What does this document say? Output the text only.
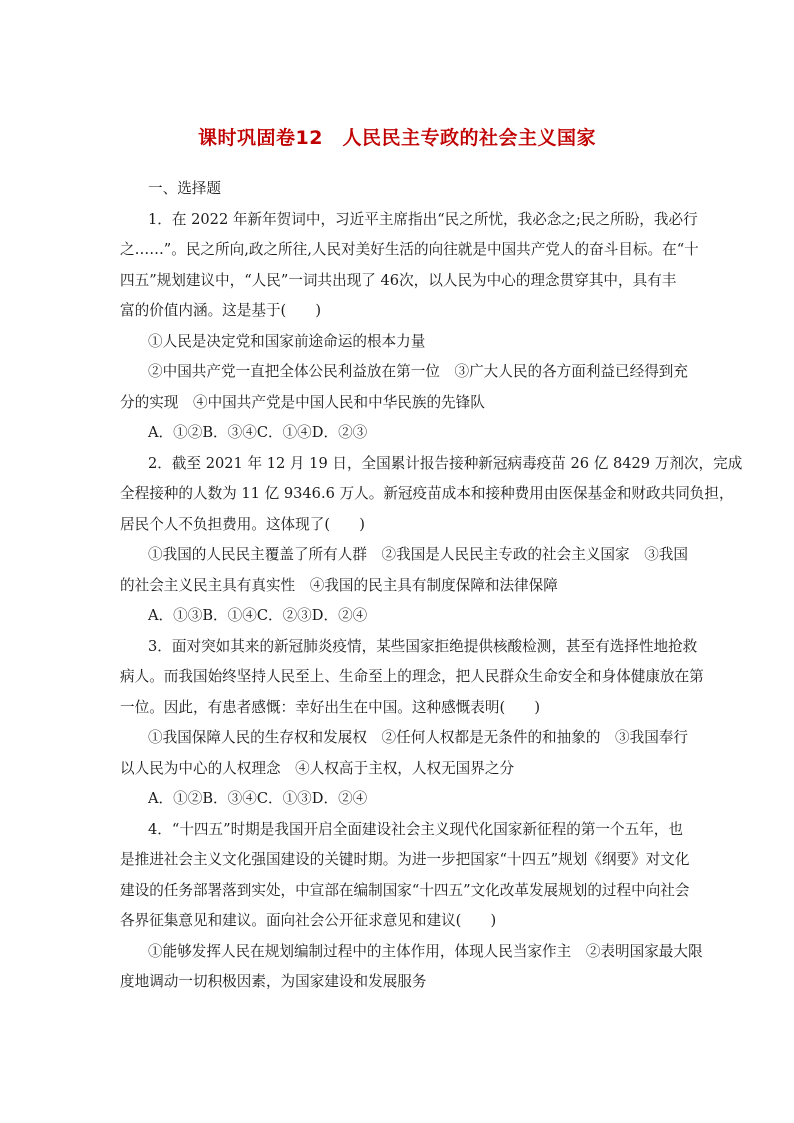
课时巩固卷12　人民民主专政的社会主义国家
一、选择题
1．在 2022 年新年贺词中，习近平主席指出“民之所忧，我必念之;民之所盼，我必行
之……”。民之所向,政之所往,人民对美好生活的向往就是中国共产党人的奋斗目标。在“十
四五”规划建议中，“人民”一词共出现了 46次，以人民为中心的理念贯穿其中，具有丰
富的价值内涵。这是基于(　　)
①人民是决定党和国家前途命运的根本力量
②中国共产党一直把全体公民利益放在第一位　③广大人民的各方面利益已经得到充
分的实现　④中国共产党是中国人民和中华民族的先锋队
A．①②B．③④C．①④D．②③
2．截至 2021 年 12 月 19 日，全国累计报告接种新冠病毒疫苗 26 亿 8429 万剂次，完成
全程接种的人数为 11 亿 9346.6 万人。新冠疫苗成本和接种费用由医保基金和财政共同负担，
居民个人不负担费用。这体现了(　　)
①我国的人民民主覆盖了所有人群　②我国是人民民主专政的社会主义国家　③我国
的社会主义民主具有真实性　④我国的民主具有制度保障和法律保障
A．①③B．①④C．②③D．②④
3．面对突如其来的新冠肺炎疫情，某些国家拒绝提供核酸检测，甚至有选择性地抢救
病人。而我国始终坚持人民至上、生命至上的理念，把人民群众生命安全和身体健康放在第
一位。因此，有患者感慨：幸好出生在中国。这种感慨表明(　　)
①我国保障人民的生存权和发展权　②任何人权都是无条件的和抽象的　③我国奉行
以人民为中心的人权理念　④人权高于主权，人权无国界之分
A．①②B．③④C．①③D．②④
4．“十四五”时期是我国开启全面建设社会主义现代化国家新征程的第一个五年，也
是推进社会主义文化强国建设的关键时期。为进一步把国家“十四五”规划《纲要》对文化
建设的任务部署落到实处，中宣部在编制国家“十四五”文化改革发展规划的过程中向社会
各界征集意见和建议。面向社会公开征求意见和建议(　　)
①能够发挥人民在规划编制过程中的主体作用，体现人民当家作主　②表明国家最大限
度地调动一切积极因素，为国家建设和发展服务
